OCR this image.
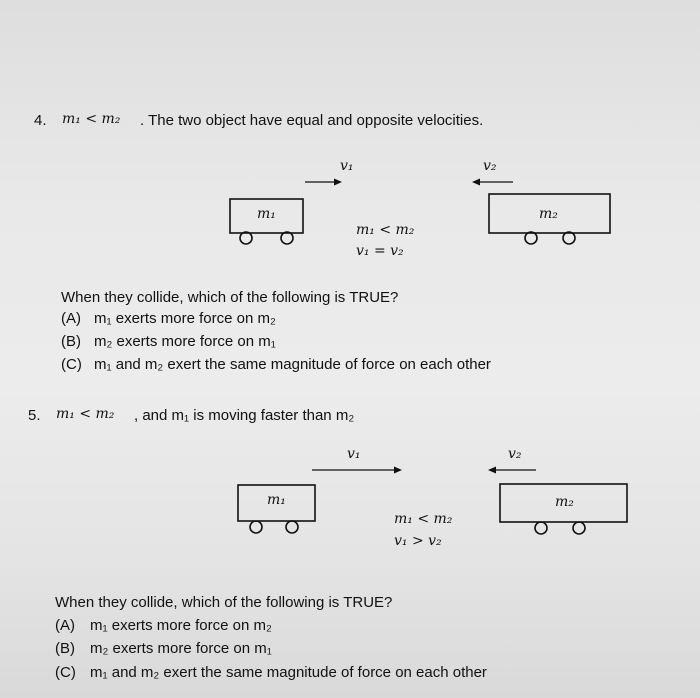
4. m₁ < m₂ . The two object have equal and opposite velocities.
v₁	v₂
m₁	m₂
m₁ < m₂
v₁ = v₂
When they collide, which of the following is TRUE?
(A) m₁ exerts more force on m₂
(B) m₂ exerts more force on m₁
(C) m₁ and m₂ exert the same magnitude of force on each other
5. m₁ < m₂ , and m₁ is moving faster than m₂
v₁	v₂
m₁	m₂
m₁ < m₂
v₁ > v₂
When they collide, which of the following is TRUE?
(A) m₁ exerts more force on m₂
(B) m₂ exerts more force on m₁
(C) m₁ and m₂ exert the same magnitude of force on each other
